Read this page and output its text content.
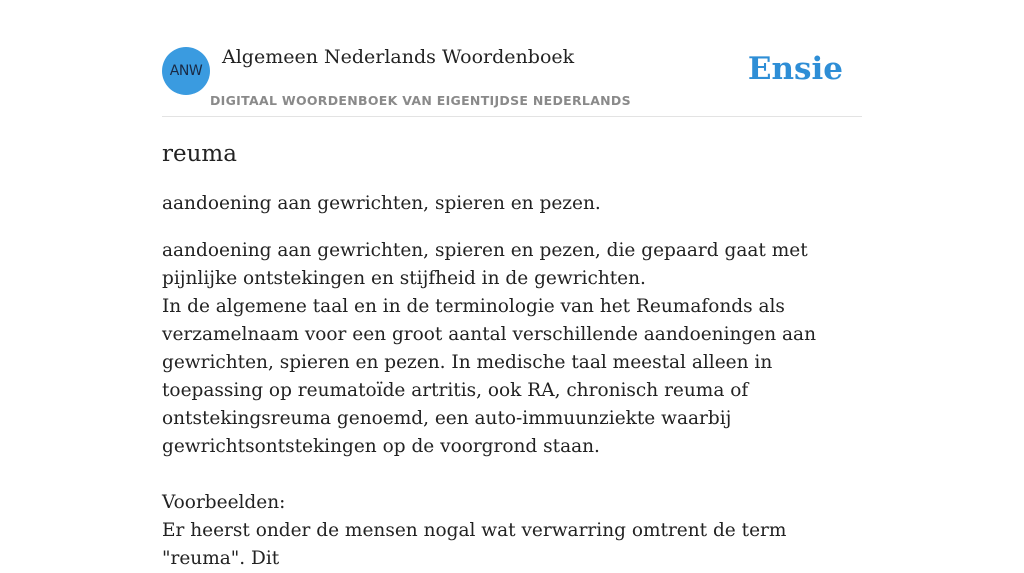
ANW
Algemeen Nederlands Woordenboek
DIGITAAL WOORDENBOEK VAN EIGENTIJDSE NEDERLANDS
Ensie
reuma

aandoening aan gewrichten, spieren en pezen.

aandoening aan gewrichten, spieren en pezen, die gepaard gaat met pijnlijke ontstekingen en stijfheid in de gewrichten.

In de algemene taal en in de terminologie van het Reumafonds als verzamelnaam voor een groot aantal verschillende aandoeningen aan gewrichten, spieren en pezen. In medische taal meestal alleen in toepassing op reumatoïde artritis, ook RA, chronisch reuma of ontstekingsreuma genoemd, een auto-immuunziekte waarbij gewrichtsontstekingen op de voorgrond staan.

Voorbeelden:

Er heerst onder de mensen nogal wat verwarring omtrent de term "reuma". Dit
